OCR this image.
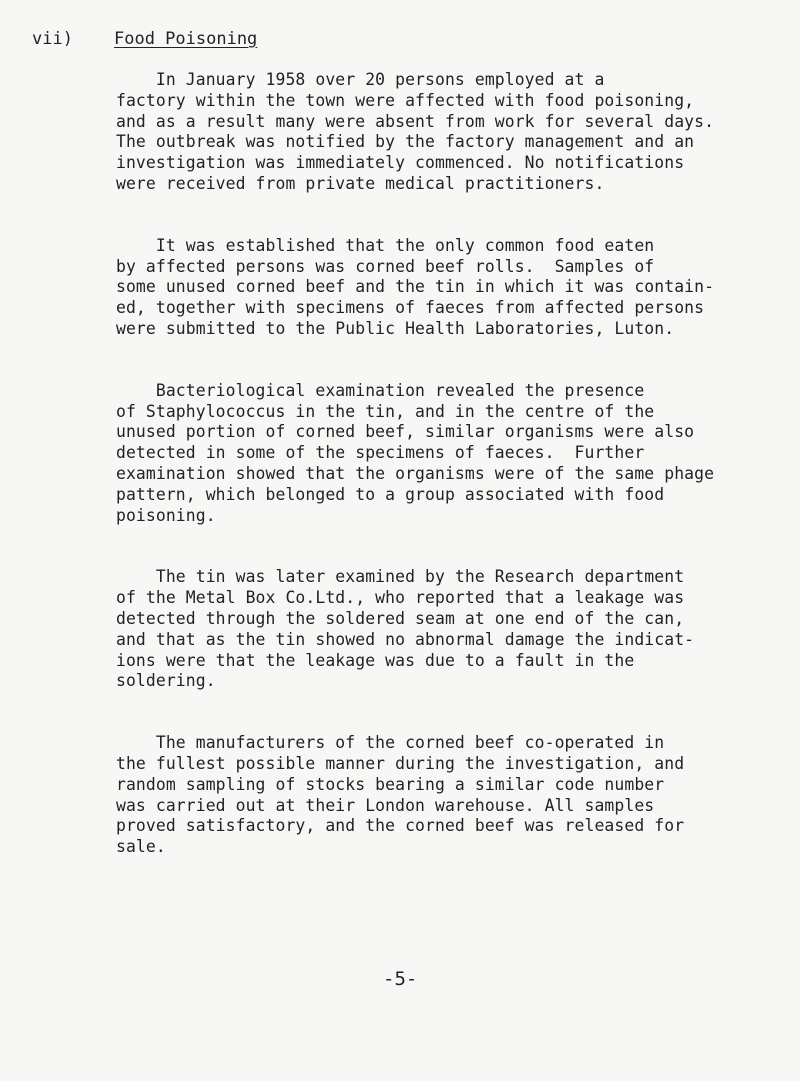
vii) Food Poisoning
In January 1958 over 20 persons employed at a
factory within the town were affected with food poisoning,
and as a result many were absent from work for several days.
The outbreak was notified by the factory management and an
investigation was immediately commenced. No notifications
were received from private medical practitioners.
It was established that the only common food eaten
by affected persons was corned beef rolls.  Samples of
some unused corned beef and the tin in which it was contain-
ed, together with specimens of faeces from affected persons
were submitted to the Public Health Laboratories, Luton.
Bacteriological examination revealed the presence
of Staphylococcus in the tin, and in the centre of the
unused portion of corned beef, similar organisms were also
detected in some of the specimens of faeces.  Further
examination showed that the organisms were of the same phage
pattern, which belonged to a group associated with food
poisoning.
The tin was later examined by the Research department
of the Metal Box Co.Ltd., who reported that a leakage was
detected through the soldered seam at one end of the can,
and that as the tin showed no abnormal damage the indicat-
ions were that the leakage was due to a fault in the
soldering.
The manufacturers of the corned beef co-operated in
the fullest possible manner during the investigation, and
random sampling of stocks bearing a similar code number
was carried out at their London warehouse. All samples
proved satisfactory, and the corned beef was released for
sale.
-5-
